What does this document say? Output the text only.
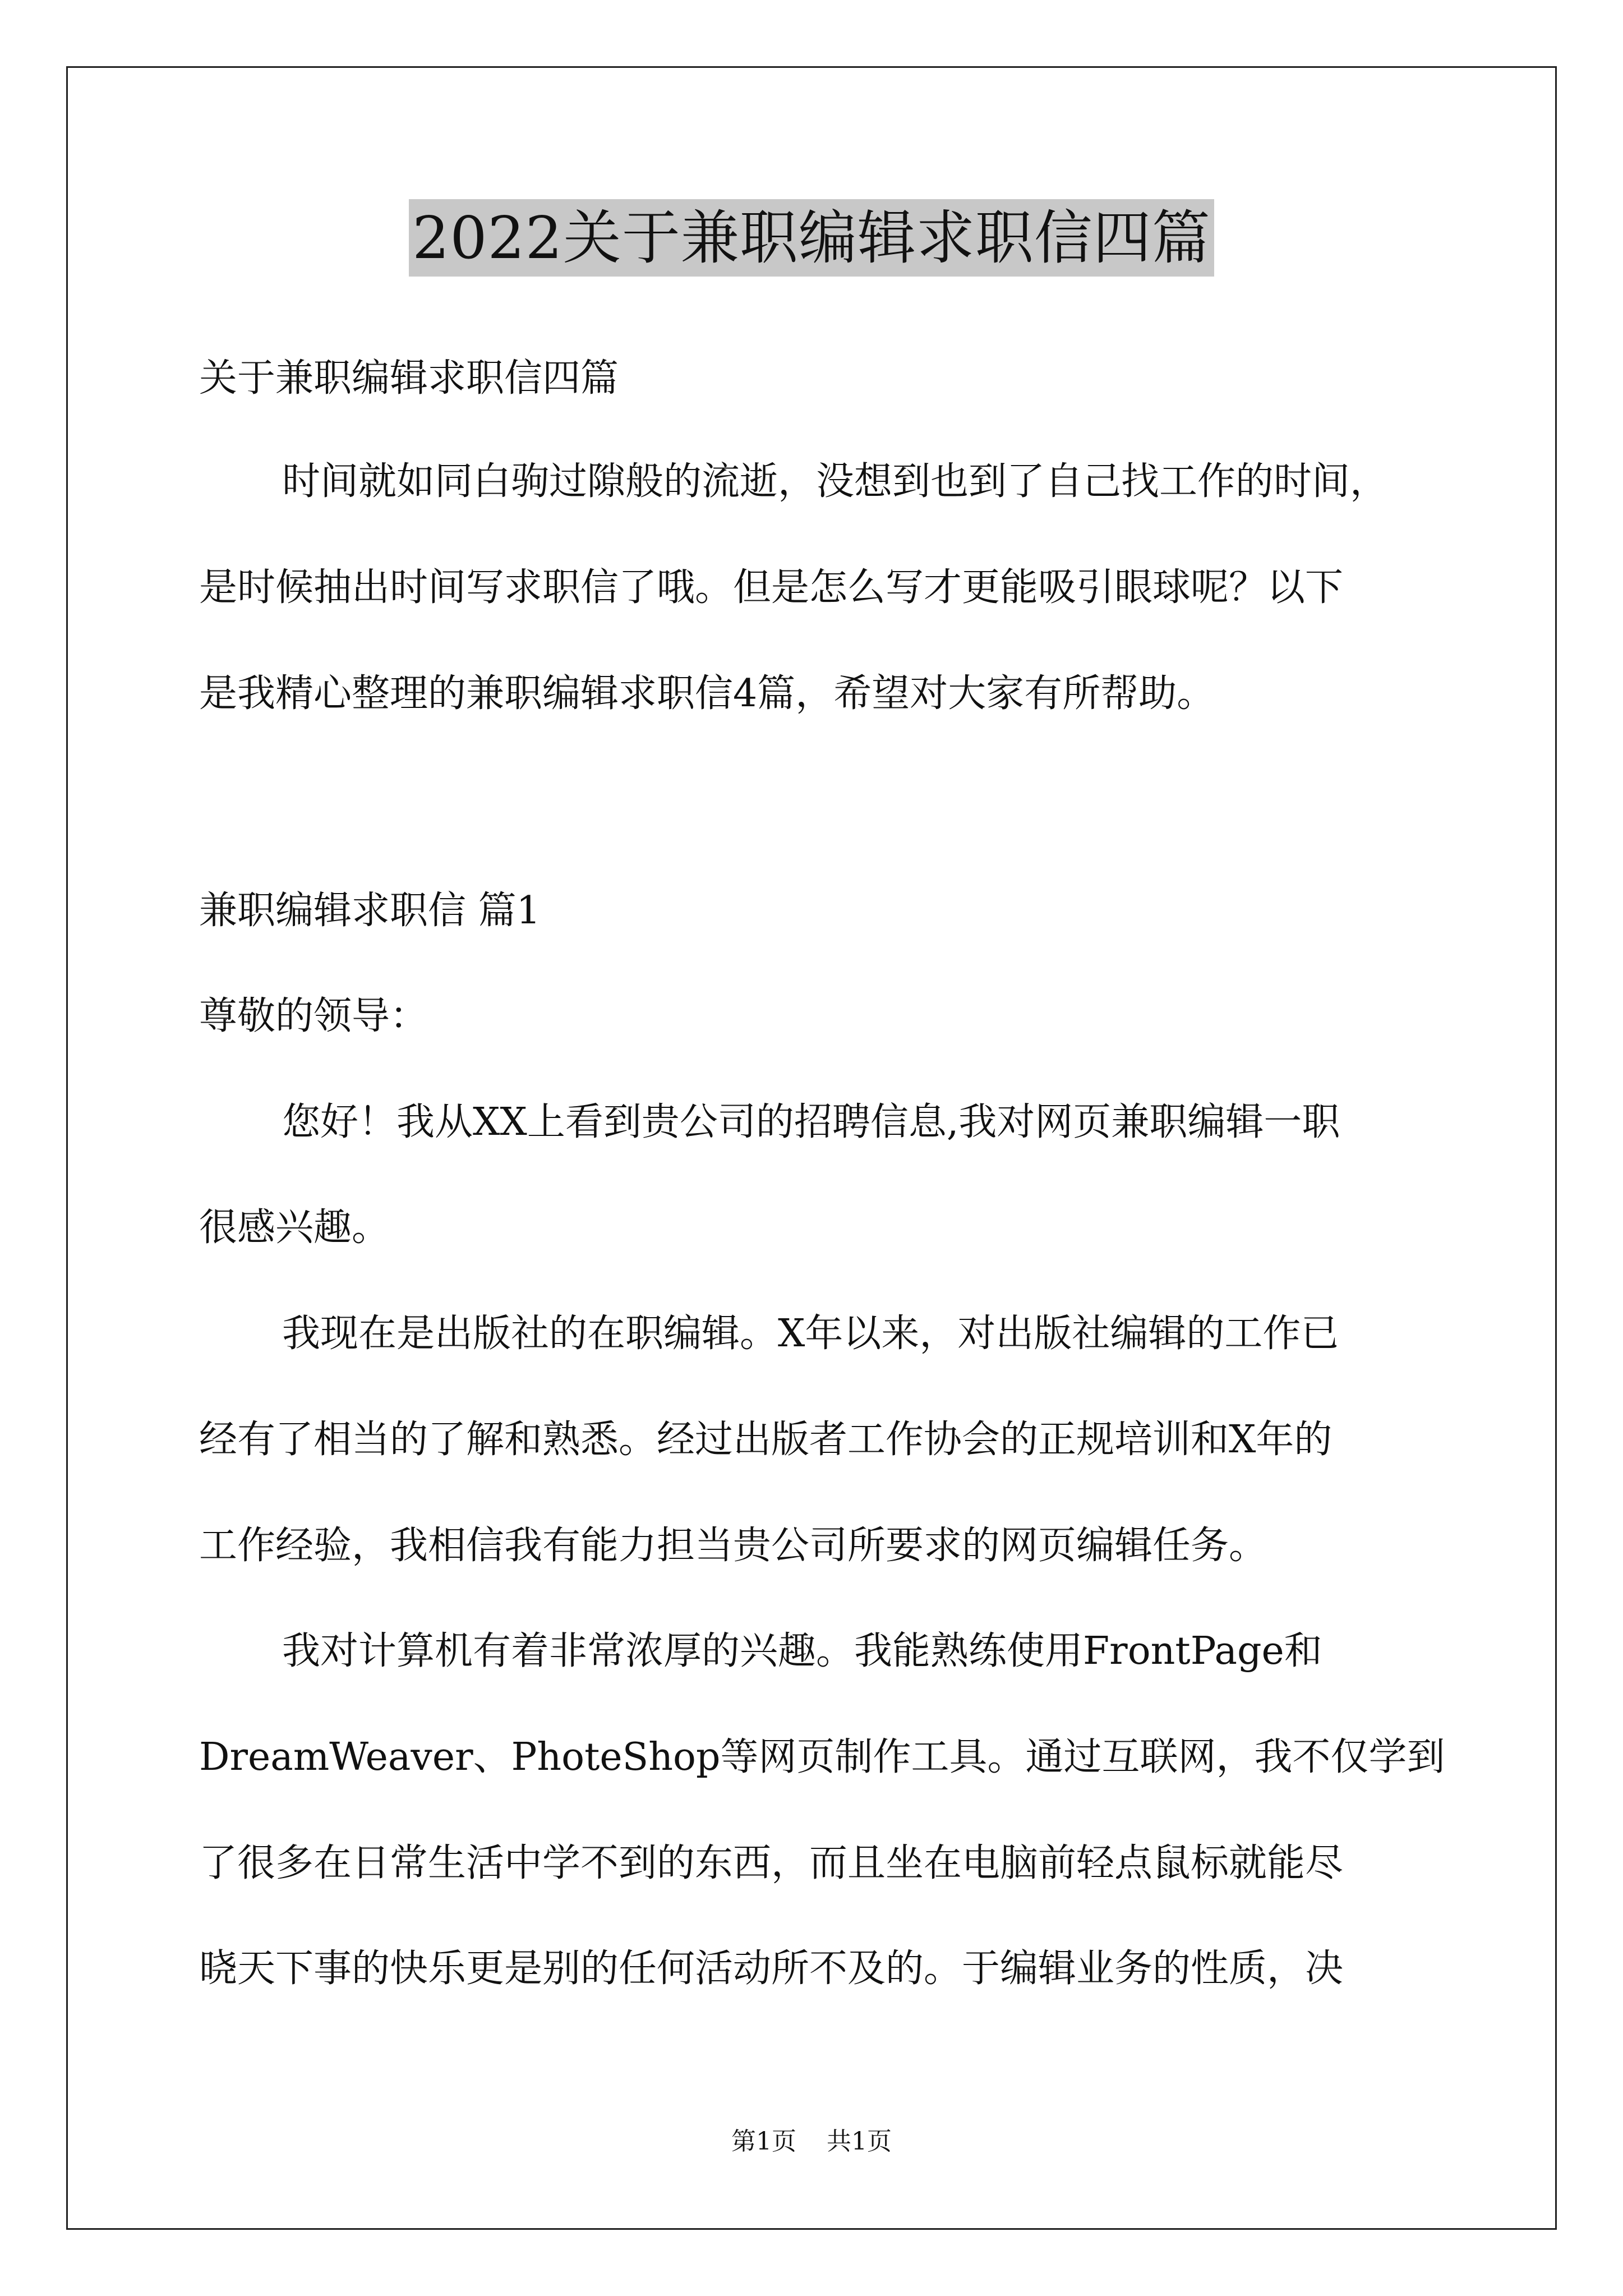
2022关于兼职编辑求职信四篇
关于兼职编辑求职信四篇
时间就如同白驹过隙般的流逝，没想到也到了自己找工作的时间，
是时候抽出时间写求职信了哦。但是怎么写才更能吸引眼球呢？以下
是我精心整理的兼职编辑求职信4篇，希望对大家有所帮助。
兼职编辑求职信 篇1
尊敬的领导：
您好！我从XX上看到贵公司的招聘信息,我对网页兼职编辑一职
很感兴趣。
我现在是出版社的在职编辑。X年以来，对出版社编辑的工作已
经有了相当的了解和熟悉。经过出版者工作协会的正规培训和X年的
工作经验，我相信我有能力担当贵公司所要求的网页编辑任务。
我对计算机有着非常浓厚的兴趣。我能熟练使用FrontPage和
DreamWeaver、PhoteShop等网页制作工具。通过互联网，我不仅学到
了很多在日常生活中学不到的东西，而且坐在电脑前轻点鼠标就能尽
晓天下事的快乐更是别的任何活动所不及的。于编辑业务的性质，决
第1页 共1页
